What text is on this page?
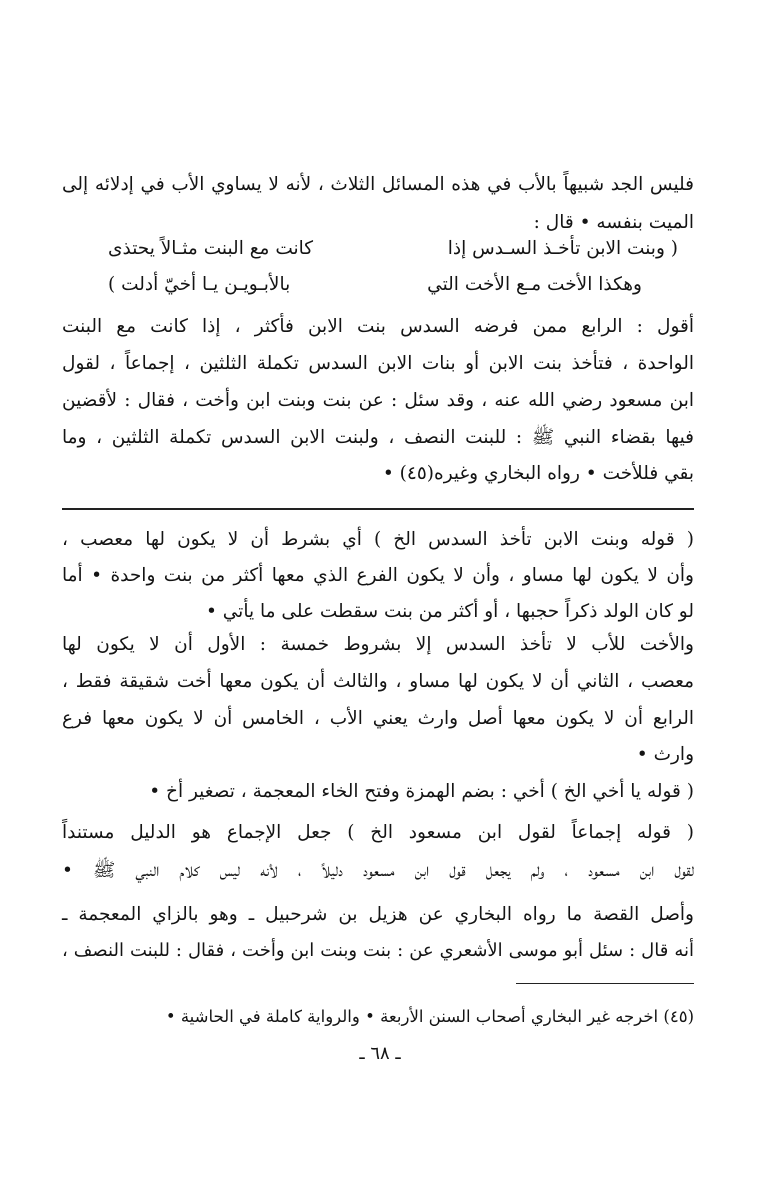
فليس الجد شبيهاً بالأب في هذه المسائل الثلاث ، لأنه لا يساوي الأب في إدلائه إلى
الميت بنفسه • قال :
( وبنت الابن تأخـذ السـدس إذا
كانت مع البنت مثـالاً يحتذى
وهكذا الأخت مـع الأخت التي
بالأبـويـن يـا أخيّ أدلت )
أقول : الرابع ممن فرضه السدس بنت الابن فأكثر ، إذا كانت مع البنت
الواحدة ، فتأخذ بنت الابن أو بنات الابن السدس تكملة الثلثين ، إجماعاً ، لقول
ابن مسعود رضي الله عنه ، وقد سئل : عن بنت وبنت ابن وأخت ، فقال : لأقضين
فيها بقضاء النبي ﷺ : للبنت النصف ، ولبنت الابن السدس تكملة الثلثين ، وما
بقي فللأخت • رواه البخاري وغيره(٤٥) •
( قوله وبنت الابن تأخذ السدس الخ ) أي بشرط أن لا يكون لها معصب ،
وأن لا يكون لها مساو ، وأن لا يكون الفرع الذي معها أكثر من بنت واحدة • أما
لو كان الولد ذكراً حجبها ، أو أكثر من بنت سقطت على ما يأتي •
والأخت للأب لا تأخذ السدس إلا بشروط خمسة : الأول أن لا يكون لها
معصب ، الثاني أن لا يكون لها مساو ، والثالث أن يكون معها أخت شقيقة فقط ،
الرابع أن لا يكون معها أصل وارث يعني الأب ، الخامس أن لا يكون معها فرع
وارث •
( قوله يا أخي الخ ) أخي : بضم الهمزة وفتح الخاء المعجمة ، تصغير أخ •
( قوله إجماعاً لقول ابن مسعود الخ ) جعل الإجماع هو الدليل مستنداً
لقول ابن مسعود ، ولم يجعل قول ابن مسعود دليلاً ، لأنه ليس كلام النبي ﷺ •
وأصل القصة ما رواه البخاري عن هزيل بن شرحبيل ـ وهو بالزاي المعجمة ـ
أنه قال : سئل أبو موسى الأشعري عن : بنت وبنت ابن وأخت ، فقال : للبنت النصف ،
(٤٥) اخرجه غير البخاري أصحاب السنن الأربعة • والرواية كاملة في الحاشية •
ـ ٦٨ ـ
